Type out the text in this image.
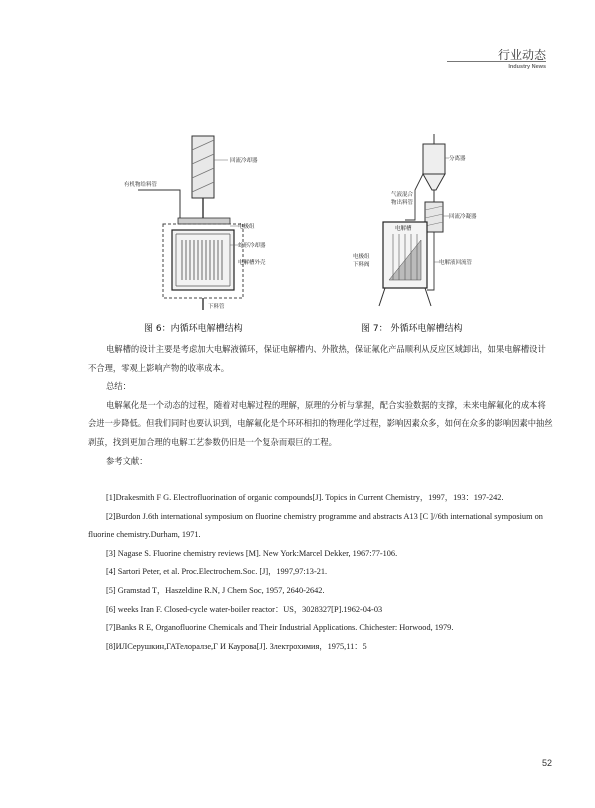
行业动态
Industry News
回流冷却器
有机物给料管
电极组
蛇形冷却器
电解槽外壳
下料管
分离器
气液混合
物出料管
回流冷凝器
电解槽
电极组
下料阀	电解液回流管
图 6：内循环电解槽结构	图 7： 外循环电解槽结构

电解槽的设计主要是考虑加大电解液循环，保证电解槽内、外散热，保证氟化产品顺利从反应区域卸出，如果电解槽设计不合理，零观上影响产物的收率成本。

总结：

电解氟化是一个动态的过程，随着对电解过程的理解，原理的分析与掌握，配合实验数据的支撑，未来电解氟化的成本将会进一步降低。但我们同时也要认识到，电解氟化是个环环相扣的物理化学过程，影响因素众多，如何在众多的影响因素中抽丝剥茧，找到更加合理的电解工艺参数仍旧是一个复杂而艰巨的工程。

参考文献：

[1]Drakesmith F G. Electrofluorination of organic compounds[J]. Topics in Current Chemistry，1997，193：197-242.

[2]Burdon J.6th international symposium on fluorine chemistry programme and abstracts A13 [C ]//6th international symposium on fluorine chemistry.Durham, 1971.

[3] Nagase S. Fluorine chemistry reviews [M]. New York:Marcel Dekker, 1967:77-106.

[4] Sartori Peter, et al. Proc.Electrochem.Soc. [J]，1997,97:13-21.

[5] Gramstad T，Haszeldine R.N, J Chem Soc, 1957, 2640-2642.

[6] weeks Iran F. Closed-cycle water-boiler reactor：US，3028327[P].1962-04-03

[7]Banks R E, Organofluorine Chemicals and Their Industrial Applications. Chichester: Horwood, 1979.

[8]ИЛСерушкин,ГАТелоралзе,Г И Каурова[J]. Злектрохимия，1975,11：5

52
